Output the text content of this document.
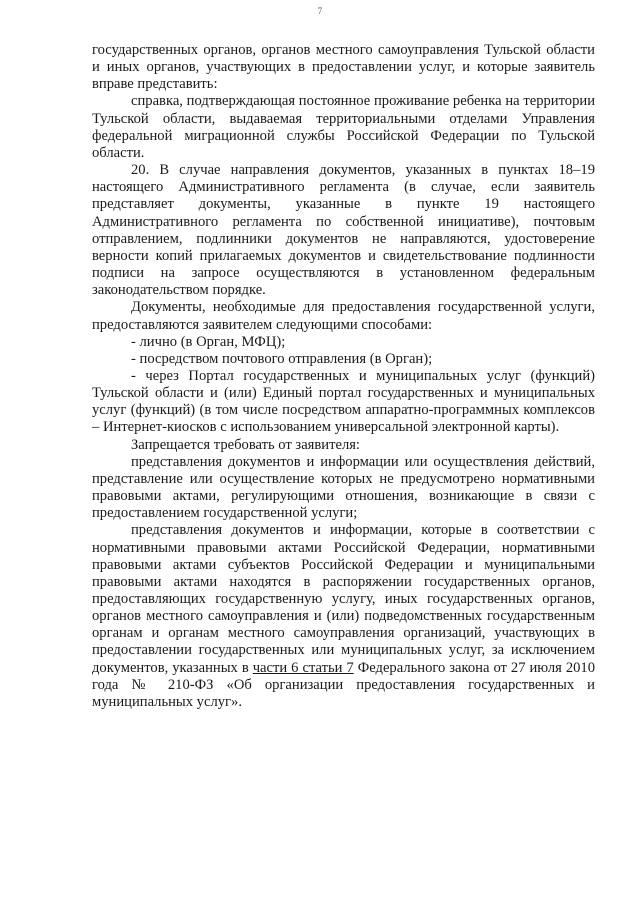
7

государственных органов, органов местного самоуправления Тульской области и иных органов, участвующих в предоставлении услуг, и которые заявитель вправе представить:

справка, подтверждающая постоянное проживание ребенка на территории Тульской области, выдаваемая территориальными отделами Управления федеральной миграционной службы Российской Федерации по Тульской области.

20. В случае направления документов, указанных в пунктах 18–19 настоящего Административного регламента (в случае, если заявитель представляет документы, указанные в пункте 19 настоящего Административного регламента по собственной инициативе), почтовым отправлением, подлинники документов не направляются, удостоверение верности копий прилагаемых документов и свидетельствование подлинности подписи на запросе осуществляются в установленном федеральным законодательством порядке.

Документы, необходимые для предоставления государственной услуги, предоставляются заявителем следующими способами:

- лично (в Орган, МФЦ);

- посредством почтового отправления (в Орган);

- через Портал государственных и муниципальных услуг (функций) Тульской области и (или) Единый портал государственных и муниципальных услуг (функций) (в том числе посредством аппаратно-программных комплексов – Интернет-киосков с использованием универсальной электронной карты).

Запрещается требовать от заявителя:

представления документов и информации или осуществления действий, представление или осуществление которых не предусмотрено нормативными правовыми актами, регулирующими отношения, возникающие в связи с предоставлением государственной услуги;

представления документов и информации, которые в соответствии с нормативными правовыми актами Российской Федерации, нормативными правовыми актами субъектов Российской Федерации и муниципальными правовыми актами находятся в распоряжении государственных органов, предоставляющих государственную услугу, иных государственных органов, органов местного самоуправления и (или) подведомственных государственным органам и органам местного самоуправления организаций, участвующих в предоставлении государственных или муниципальных услуг, за исключением документов, указанных в части 6 статьи 7 Федерального закона от 27 июля 2010 года № 210-ФЗ «Об организации предоставления государственных и муниципальных услуг».
